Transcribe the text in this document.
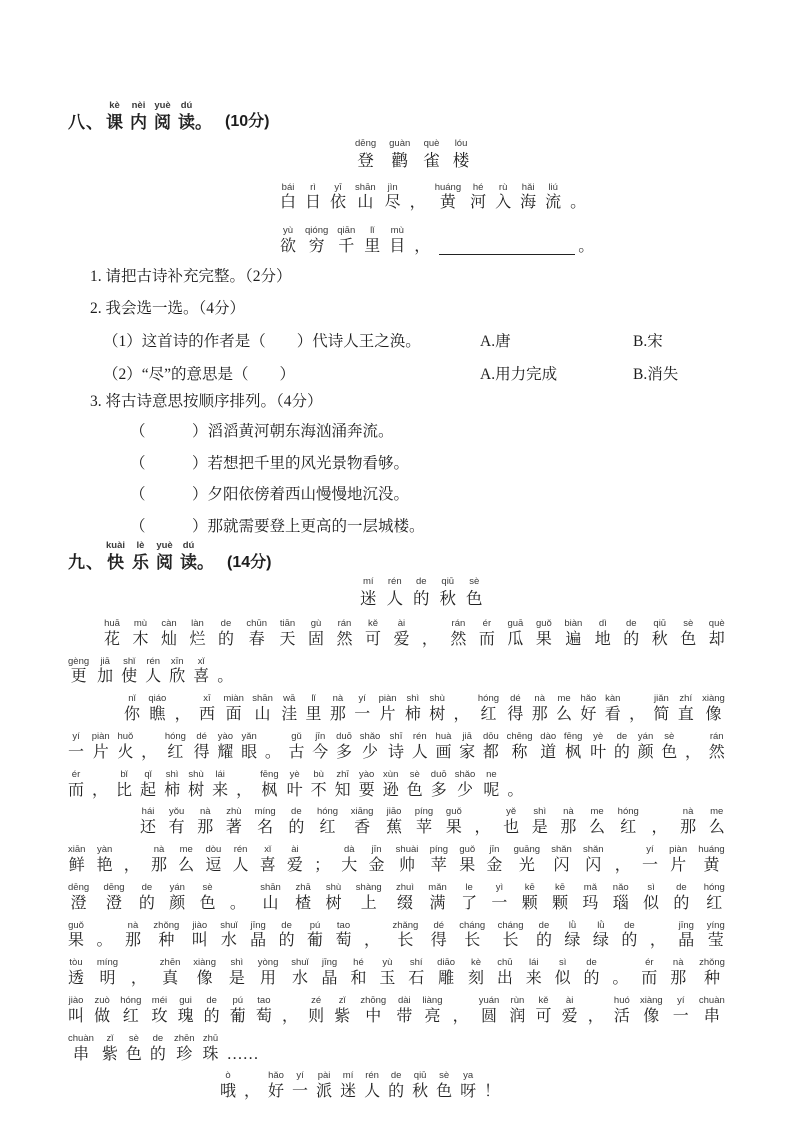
八、
kè
课
nèi
内
yuè
阅
dú
读 。 (10分)
dēng
登
guàn
鹳
què
雀
lóu
楼
bái
白
rì
日
yī
依
shān
山
jìn
尽
，
huáng
黄
hé
河
rù
入
hǎi
海
liú
流
。
yù
欲
qióng
穷
qiān
千
lǐ
里
mù
目
，	。
1. 请把古诗补充完整。（2分）
2. 我会选一选。（4分）
（1）这首诗的作者是（　　）代诗人王之涣。	A.唐	B.宋
（2）“尽”的意思是（　　）	A.用力完成	B.消失
3. 将古诗意思按顺序排列。（4分）
（　　　）滔滔黄河朝东海汹涌奔流。
（　　　）若想把千里的风光景物看够。
（　　　）夕阳依傍着西山慢慢地沉没。
（　　　）那就需要登上更高的一层城楼。
九、
kuài
快
lè
乐
yuè
阅
dú
读 。 (14分)
mí
迷
rén
人
de
的
qiū
秋
sè
色
huā
花
mù
木
càn
灿
làn
烂
de
的
chūn
春
tiān
天
gù
固
rán
然
kě
可
ài
爱
，
rán
然
ér
而
guā
瓜
guǒ
果
biàn
遍
dì
地
de
的
qiū
秋
sè
色
què
却
gèng
更
jiā
加
shǐ
使
rén
人
xīn
欣
xǐ
喜
。
nǐ
你
qiáo
瞧
，
xī
西
miàn
面
shān
山
wā
洼
lǐ
里
nà
那
yí
一
piàn
片
shì
柿
shù
树
，
hóng
红
dé
得
nà
那
me
么
hǎo
好
kàn
看
，
jiǎn
简
zhí
直
xiàng
像
yí
一
piàn
片
huǒ
火
，
hóng
红
dé
得
yào
耀
yǎn
眼
。
gǔ
古
jīn
今
duō
多
shǎo
少
shī
诗
rén
人
huà
画
jiā
家
dōu
都
chēng
称
dào
道
fēng
枫
yè
叶
de
的
yán
颜
sè
色
，
rán
然
ér
而
，
bǐ
比
qǐ
起
shì
柿
shù
树
lái
来
，
fēng
枫
yè
叶
bù
不
zhī
知
yào
要
xùn
逊
sè
色
duō
多
shǎo
少
ne
呢
。
hái
还
yǒu
有
nà
那
zhù
著
míng
名
de
的
hóng
红
xiāng
香
jiāo
蕉
píng
苹
guǒ
果
，
yě
也
shì
是
nà
那
me
么
hóng
红
，
nà
那
me
么
xiān
鲜
yàn
艳
，
nà
那
me
么
dòu
逗
rén
人
xǐ
喜
ài
爱
；
dà
大
jīn
金
shuài
帅
píng
苹
guǒ
果
jīn
金
guāng
光
shǎn
闪
shǎn
闪
，
yí
一
piàn
片
huáng
黄
dēng
澄
dēng
澄
de
的
yán
颜
sè
色
。
shān
山
zhā
楂
shù
树
shàng
上
zhuì
缀
mǎn
满
le
了
yì
一
kē
颗
kē
颗
mǎ
玛
nǎo
瑙
sì
似
de
的
hóng
红
guǒ
果
。
nà
那
zhǒng
种
jiào
叫
shuǐ
水
jīng
晶
de
的
pú
葡
tao
萄
，
zhǎng
长
dé
得
cháng
长
cháng
长
de
的
lǜ
绿
lǜ
绿
de
的
，
jīng
晶
yíng
莹
tòu
透
míng
明
，
zhēn
真
xiàng
像
shì
是
yòng
用
shuǐ
水
jīng
晶
hé
和
yù
玉
shí
石
diāo
雕
kè
刻
chū
出
lái
来
sì
似
de
的
。
ér
而
nà
那
zhǒng
种
jiào
叫
zuò
做
hóng
红
méi
玫
gui
瑰
de
的
pú
葡
tao
萄
，
zé
则
zǐ
紫
zhōng
中
dài
带
liàng
亮
，
yuán
圆
rùn
润
kě
可
ài
爱
，
huó
活
xiàng
像
yí
一
chuàn
串
chuàn
串
zǐ
紫
sè
色
de
的
zhēn
珍
zhū
珠
……
ò
哦
，
hǎo
好
yí
一
pài
派
mí
迷
rén
人
de
的
qiū
秋
sè
色
ya
呀
！
